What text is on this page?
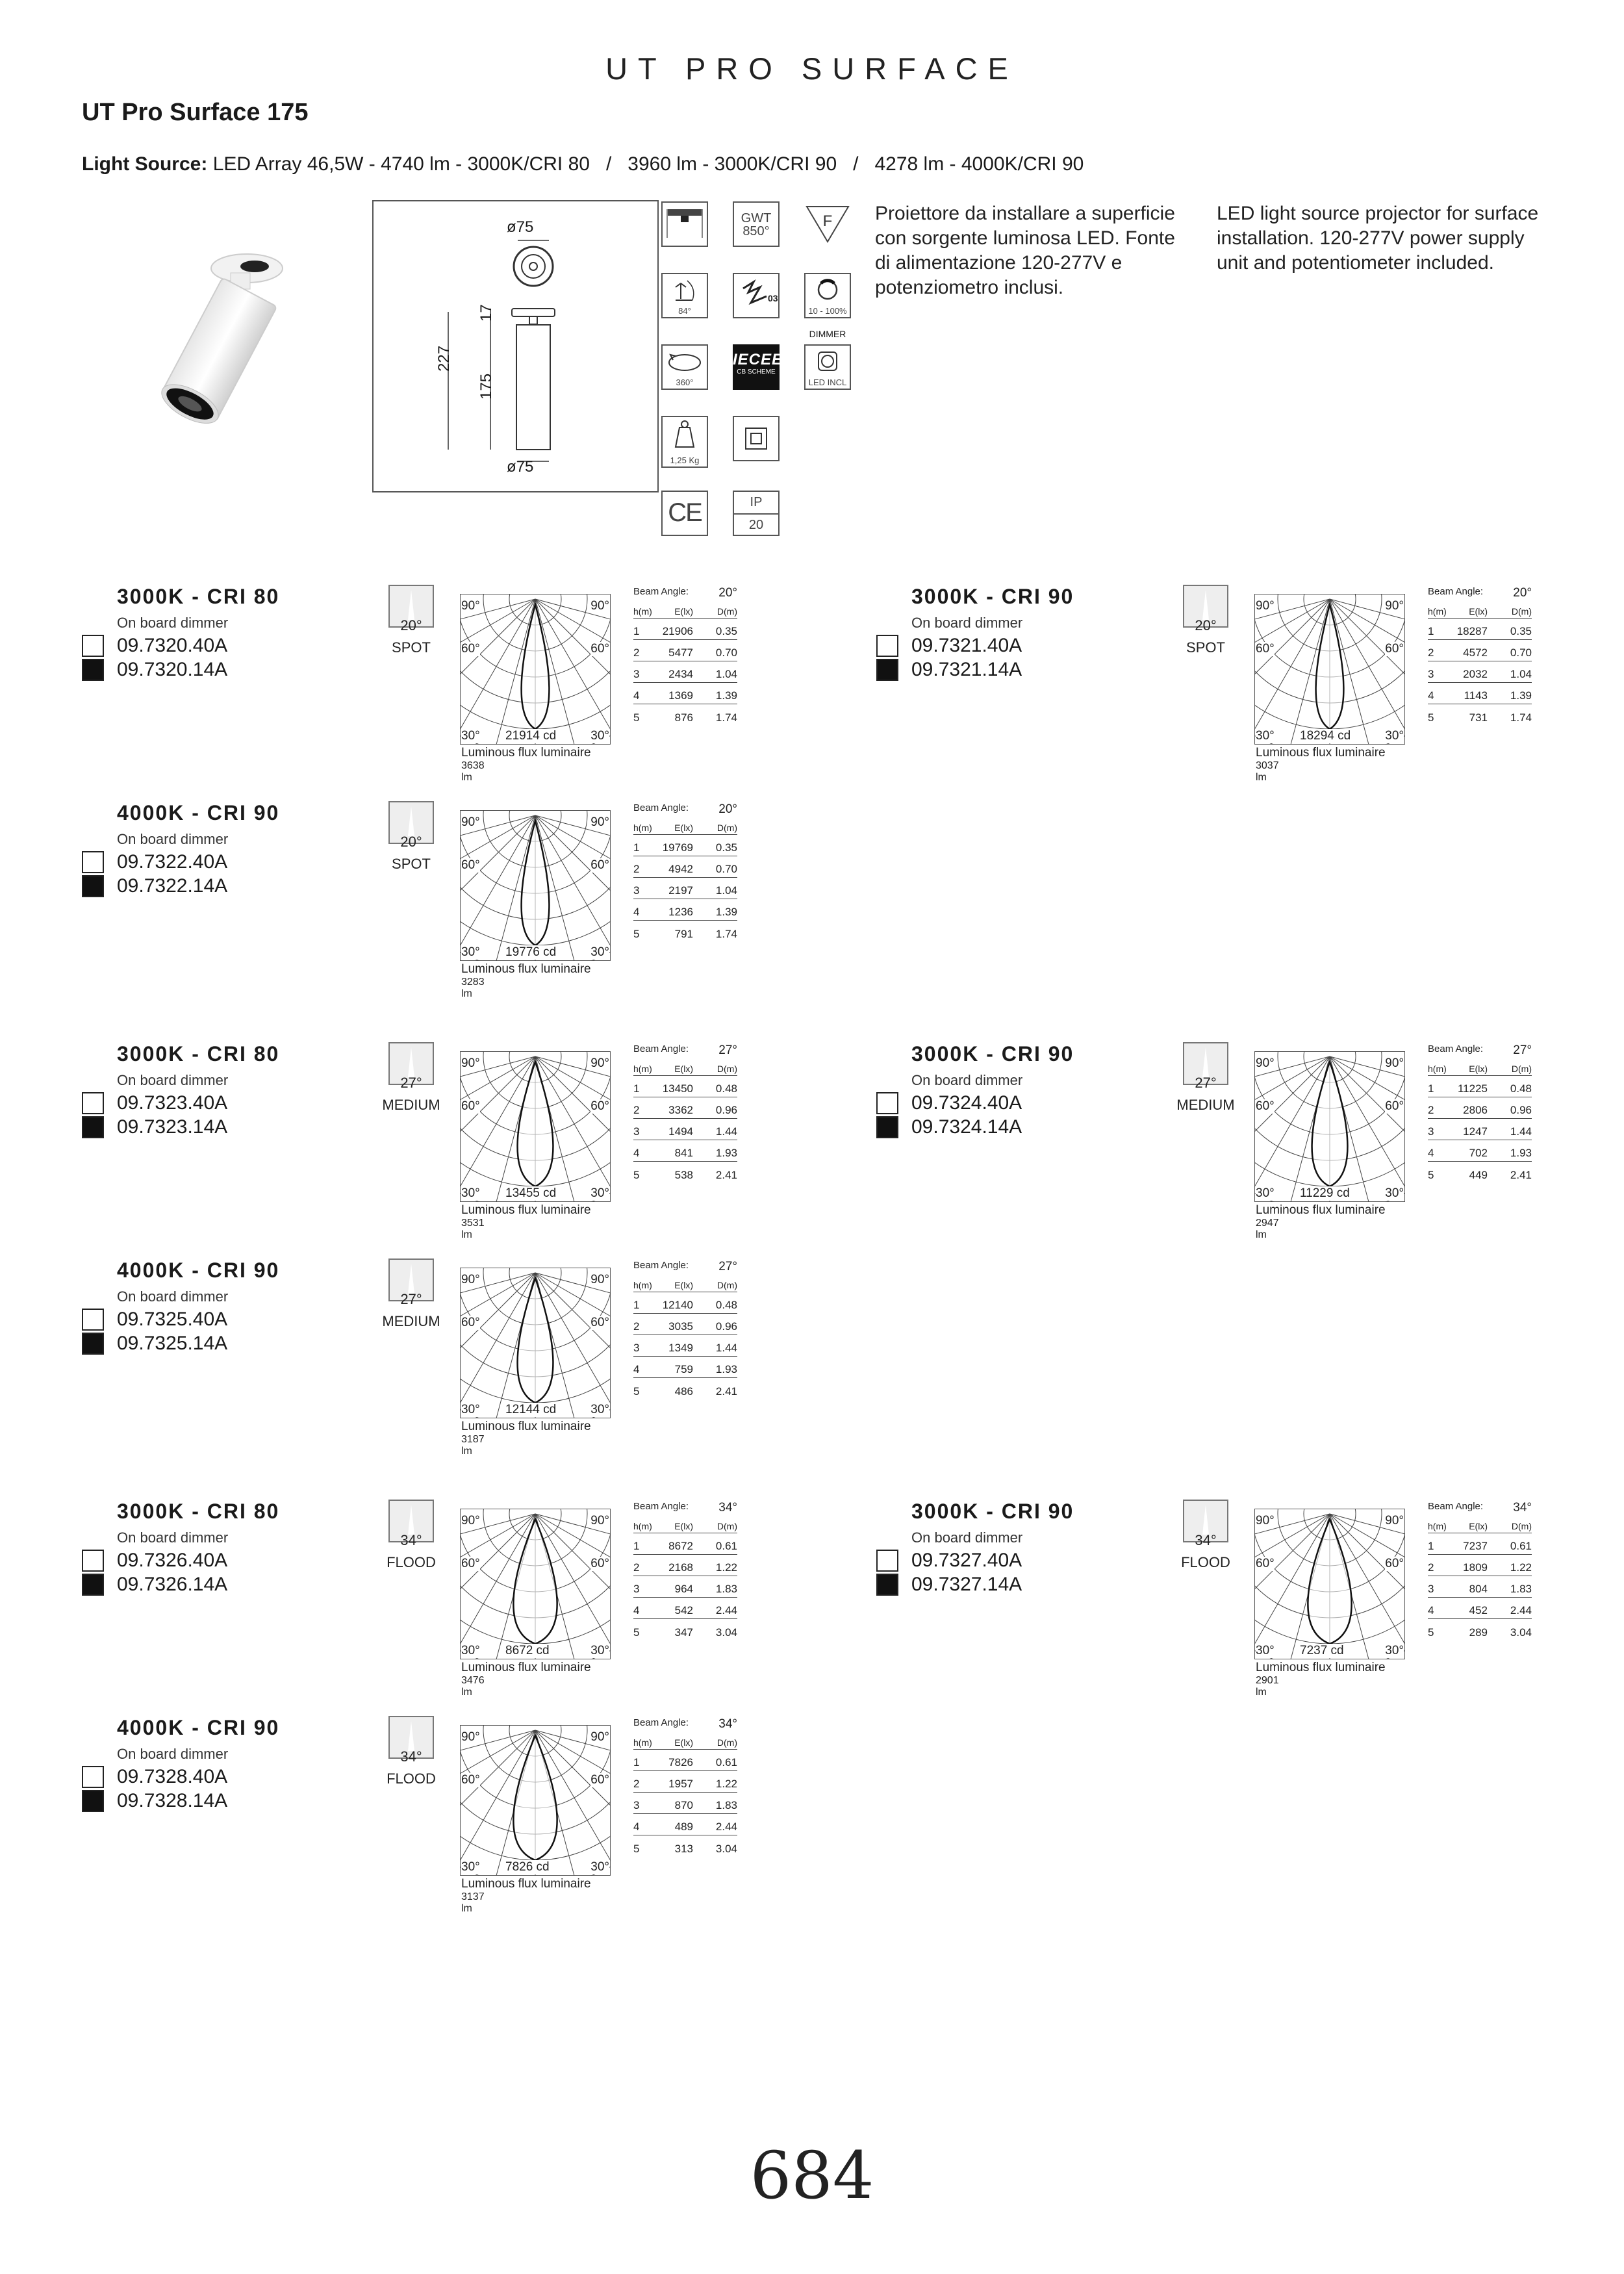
UT PRO SURFACE
UT Pro Surface 175
Light Source: LED Array 46,5W - 4740 lm - 3000K/CRI 80   /   3960 lm - 3000K/CRI 90   /   4278 lm - 4000K/CRI 90
ø75
ø75
227
175
17
GWT
850°
F
84°
03
10 - 100%
DIMMER
360°
IECEE
CB SCHEME
LED INCL
1,25 Kg
CE	IP
20
Proiettore da installare a superficie con sorgente luminosa LED. Fonte di alimentazione 120-277V e potenziometro inclusi.
LED light source projector for surface installation. 120-277V power supply unit and potentiometer included.
3000K - CRI 80
On board dimmer
09.7320.40A
09.7320.14A
20°
SPOT
90°	90°
60°	60°
30°	30°
21914 cd
Luminous flux luminaire
3638 lm
Beam Angle: 20°
h(m)	E(lx)	D(m)
1	21906	0.35
2	5477	0.70
3	2434	1.04
4	1369	1.39
5	876	1.74
3000K - CRI 90
On board dimmer
09.7321.40A
09.7321.14A
20°
SPOT
90°	90°
60°	60°
30°	30°
18294 cd
Luminous flux luminaire
3037 lm
Beam Angle: 20°
h(m)	E(lx)	D(m)
1	18287	0.35
2	4572	0.70
3	2032	1.04
4	1143	1.39
5	731	1.74
4000K - CRI 90
On board dimmer
09.7322.40A
09.7322.14A
20°
SPOT
90°	90°
60°	60°
30°	30°
19776 cd
Luminous flux luminaire
3283 lm
Beam Angle: 20°
h(m)	E(lx)	D(m)
1	19769	0.35
2	4942	0.70
3	2197	1.04
4	1236	1.39
5	791	1.74
3000K - CRI 80
On board dimmer
09.7323.40A
09.7323.14A
27°
MEDIUM
90°	90°
60°	60°
30°	30°
13455 cd
Luminous flux luminaire
3531 lm
Beam Angle: 27°
h(m)	E(lx)	D(m)
1	13450	0.48
2	3362	0.96
3	1494	1.44
4	841	1.93
5	538	2.41
3000K - CRI 90
On board dimmer
09.7324.40A
09.7324.14A
27°
MEDIUM
90°	90°
60°	60°
30°	30°
11229 cd
Luminous flux luminaire
2947 lm
Beam Angle: 27°
h(m)	E(lx)	D(m)
1	11225	0.48
2	2806	0.96
3	1247	1.44
4	702	1.93
5	449	2.41
4000K - CRI 90
On board dimmer
09.7325.40A
09.7325.14A
27°
MEDIUM
90°	90°
60°	60°
30°	30°
12144 cd
Luminous flux luminaire
3187 lm
Beam Angle: 27°
h(m)	E(lx)	D(m)
1	12140	0.48
2	3035	0.96
3	1349	1.44
4	759	1.93
5	486	2.41
3000K - CRI 80
On board dimmer
09.7326.40A
09.7326.14A
34°
FLOOD
90°	90°
60°	60°
30°	30°
8672 cd
Luminous flux luminaire
3476 lm
Beam Angle: 34°
h(m)	E(lx)	D(m)
1	8672	0.61
2	2168	1.22
3	964	1.83
4	542	2.44
5	347	3.04
3000K - CRI 90
On board dimmer
09.7327.40A
09.7327.14A
34°
FLOOD
90°	90°
60°	60°
30°	30°
7237 cd
Luminous flux luminaire
2901 lm
Beam Angle: 34°
h(m)	E(lx)	D(m)
1	7237	0.61
2	1809	1.22
3	804	1.83
4	452	2.44
5	289	3.04
4000K - CRI 90
On board dimmer
09.7328.40A
09.7328.14A
34°
FLOOD
90°	90°
60°	60°
30°	30°
7826 cd
Luminous flux luminaire
3137 lm
Beam Angle: 34°
h(m)	E(lx)	D(m)
1	7826	0.61
2	1957	1.22
3	870	1.83
4	489	2.44
5	313	3.04
684
